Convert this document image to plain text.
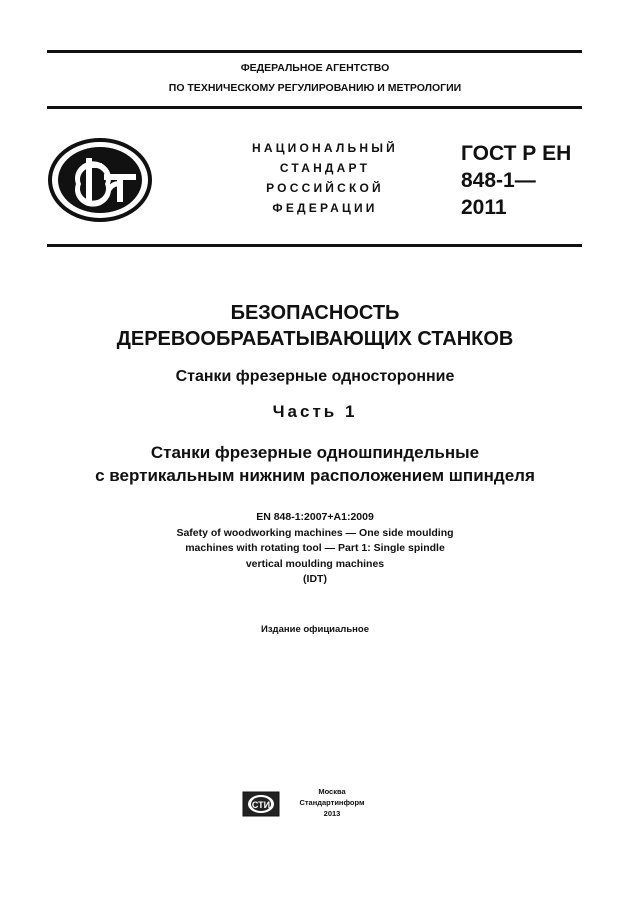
ФЕДЕРАЛЬНОЕ АГЕНТСТВО
ПО ТЕХНИЧЕСКОМУ РЕГУЛИРОВАНИЮ И МЕТРОЛОГИИ
НАЦИОНАЛЬНЫЙ
СТАНДАРТ
РОССИЙСКОЙ
ФЕДЕРАЦИИ
ГОСТ Р ЕН
848-1—
2011
БЕЗОПАСНОСТЬ
ДЕРЕВООБРАБАТЫВАЮЩИХ СТАНКОВ
Станки фрезерные односторонние
Часть 1
Станки фрезерные одношпиндельные
с вертикальным нижним расположением шпинделя
EN 848-1:2007+A1:2009
Safety of woodworking machines — One side moulding
machines with rotating tool — Part 1: Single spindle
vertical moulding machines
(IDT)
Издание официальное
СТИ
Москва
Стандартинформ
2013
